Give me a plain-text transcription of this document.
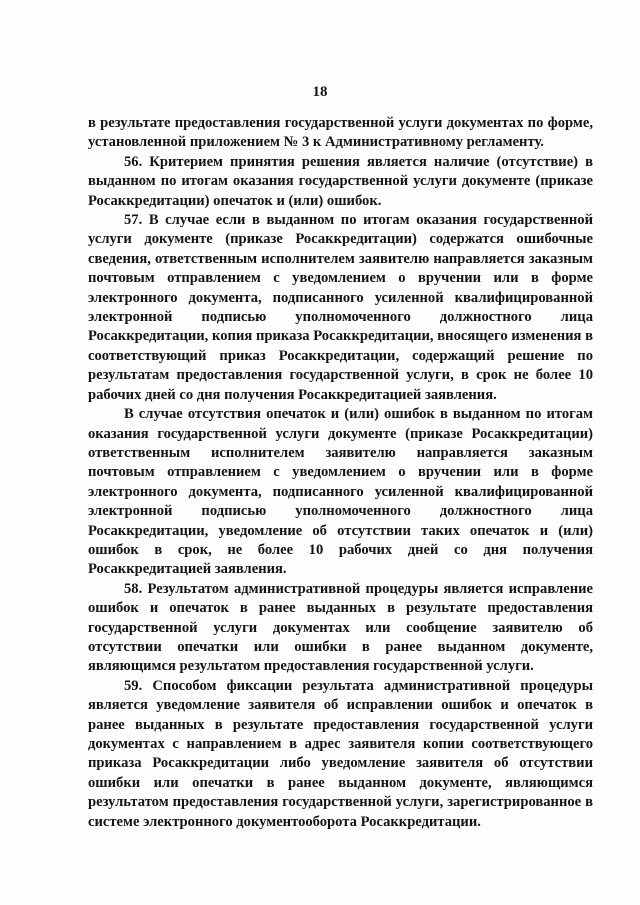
18

в результате предоставления государственной услуги документах по форме, установленной приложением № 3 к Административному регламенту.

56. Критерием принятия решения является наличие (отсутствие) в выданном по итогам оказания государственной услуги документе (приказе Росаккредитации) опечаток и (или) ошибок.

57. В случае если в выданном по итогам оказания государственной услуги документе (приказе Росаккредитации) содержатся ошибочные сведения, ответственным исполнителем заявителю направляется заказным почтовым отправлением с уведомлением о вручении или в форме электронного документа, подписанного усиленной квалифицированной электронной подписью уполномоченного должностного лица Росаккредитации, копия приказа Росаккредитации, вносящего изменения в соответствующий приказ Росаккредитации, содержащий решение по результатам предоставления государственной услуги, в срок не более 10 рабочих дней со дня получения Росаккредитацией заявления.

В случае отсутствия опечаток и (или) ошибок в выданном по итогам оказания государственной услуги документе (приказе Росаккредитации) ответственным исполнителем заявителю направляется заказным почтовым отправлением с уведомлением о вручении или в форме электронного документа, подписанного усиленной квалифицированной электронной подписью уполномоченного должностного лица Росаккредитации, уведомление об отсутствии таких опечаток и (или) ошибок в срок, не более 10 рабочих дней со дня получения Росаккредитацией заявления.

58. Результатом административной процедуры является исправление ошибок и опечаток в ранее выданных в результате предоставления государственной услуги документах или сообщение заявителю об отсутствии опечатки или ошибки в ранее выданном документе, являющимся результатом предоставления государственной услуги.

59. Способом фиксации результата административной процедуры является уведомление заявителя об исправлении ошибок и опечаток в ранее выданных в результате предоставления государственной услуги документах с направлением в адрес заявителя копии соответствующего приказа Росаккредитации либо уведомление заявителя об отсутствии ошибки или опечатки в ранее выданном документе, являющимся результатом предоставления государственной услуги, зарегистрированное в системе электронного документооборота Росаккредитации.
